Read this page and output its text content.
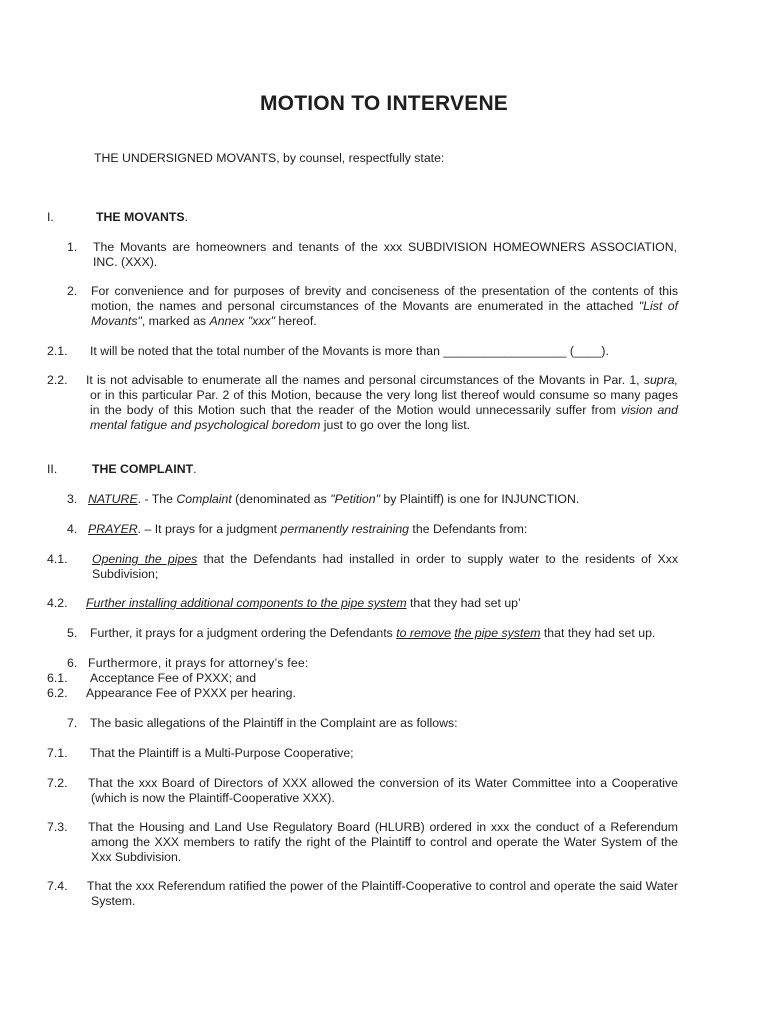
MOTION TO INTERVENE
THE UNDERSIGNED MOVANTS, by counsel, respectfully state:
I.	THE MOVANTS.
1. The Movants are homeowners and tenants of the xxx SUBDIVISION HOMEOWNERS ASSOCIATION,
INC. (XXX).
2. For convenience and for purposes of brevity and conciseness of the presentation of the contents of this
motion, the names and personal circumstances of the Movants are enumerated in the attached "List of
Movants", marked as Annex "xxx" hereof.
2.1. It will be noted that the total number of the Movants is more than __________________ (____).
2.2. It is not advisable to enumerate all the names and personal circumstances of the Movants in Par. 1, supra,
or in this particular Par. 2 of this Motion, because the very long list thereof would consume so many pages
in the body of this Motion such that the reader of the Motion would unnecessarily suffer from vision and
mental fatigue and psychological boredom just to go over the long list.
II.	THE COMPLAINT.
3. NATURE. - The Complaint (denominated as "Petition" by Plaintiff) is one for INJUNCTION.
4. PRAYER. – It prays for a judgment permanently restraining the Defendants from:
4.1. Opening the pipes that the Defendants had installed in order to supply water to the residents of Xxx
Subdivision;
4.2. Further installing additional components to the pipe system that they had set up’
5. Further, it prays for a judgment ordering the Defendants to remove the pipe system that they had set up.
6. Furthermore, it prays for attorney’s fee:
6.1. Acceptance Fee of PXXX; and
6.2. Appearance Fee of PXXX per hearing.
7. The basic allegations of the Plaintiff in the Complaint are as follows:
7.1. That the Plaintiff is a Multi-Purpose Cooperative;
7.2. That the xxx Board of Directors of XXX allowed the conversion of its Water Committee into a Cooperative
(which is now the Plaintiff-Cooperative XXX).
7.3. That the Housing and Land Use Regulatory Board (HLURB) ordered in xxx the conduct of a Referendum
among the XXX members to ratify the right of the Plaintiff to control and operate the Water System of the
Xxx Subdivision.
7.4. That the xxx Referendum ratified the power of the Plaintiff-Cooperative to control and operate the said Water
System.
